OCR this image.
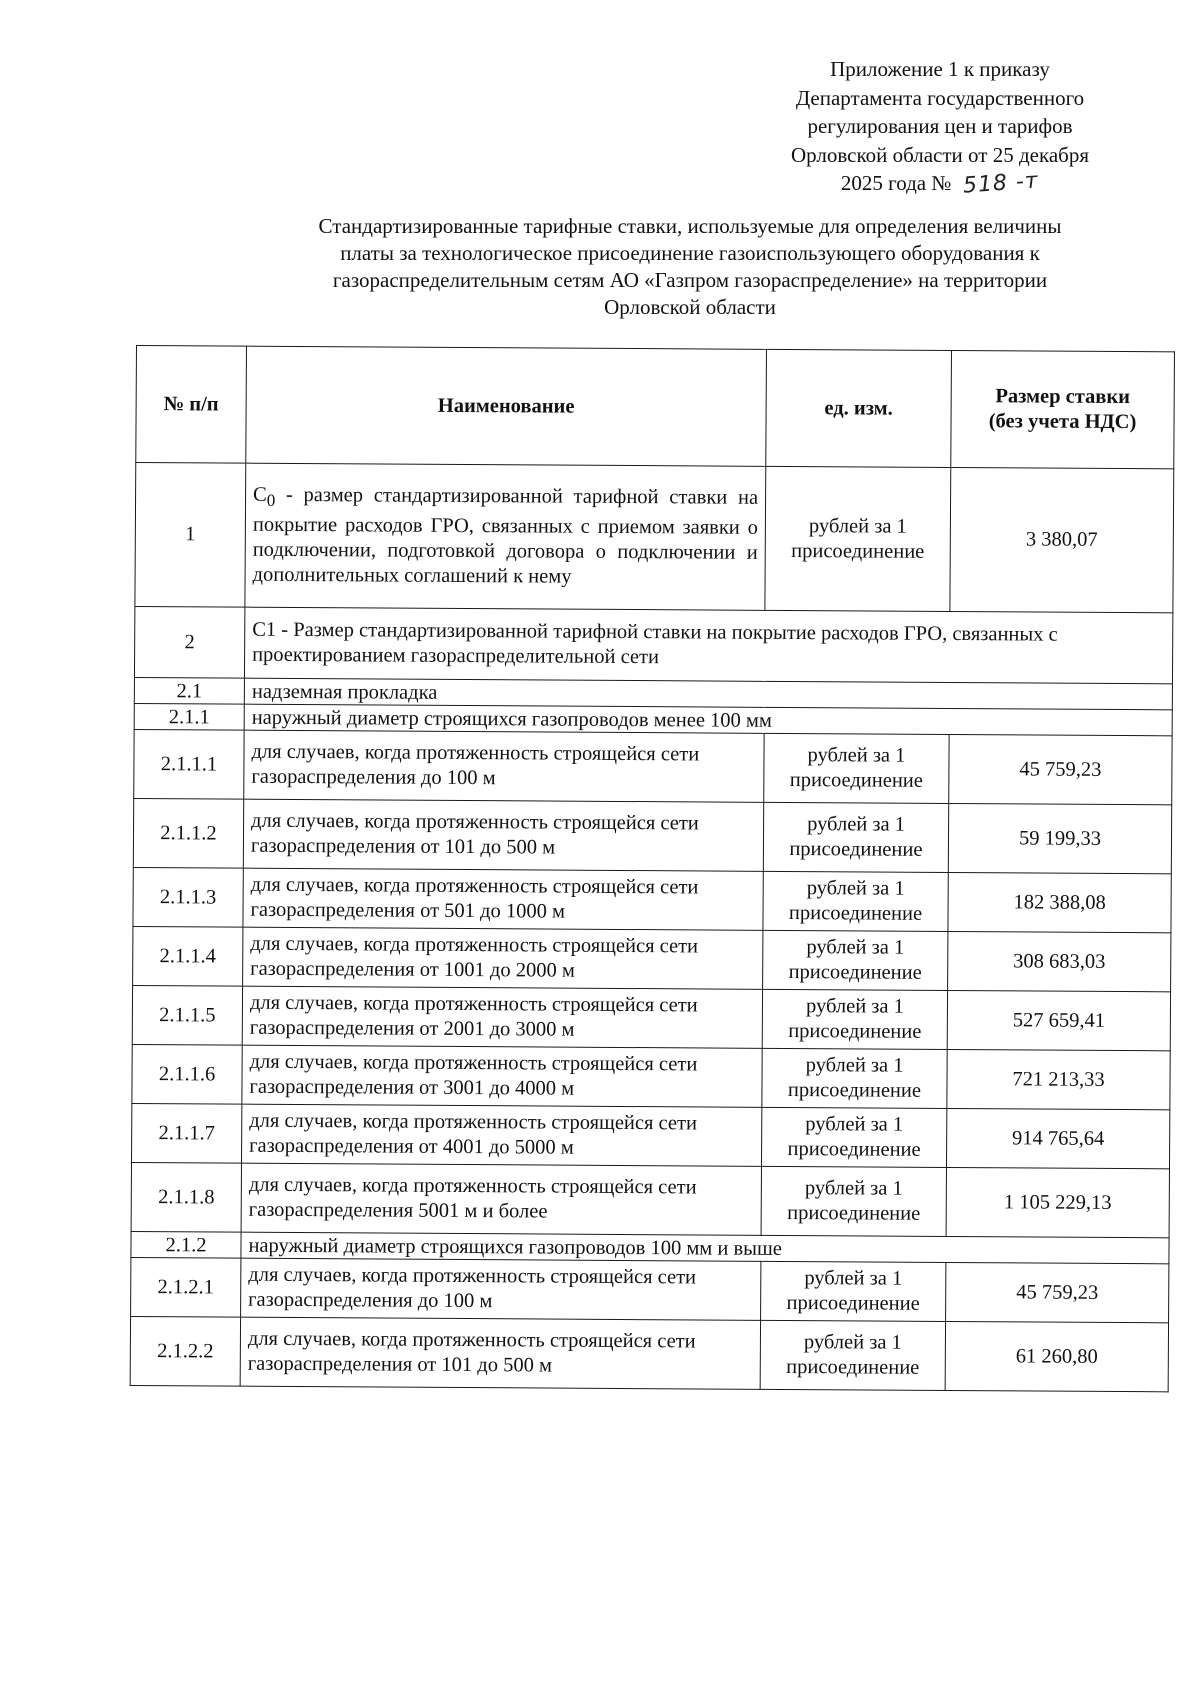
Приложение 1 к приказу
Департамента государственного
регулирования цен и тарифов
Орловской области от 25 декабря
2025 года № 518 -т
Стандартизированные тарифные ставки, используемые для определения величины
платы за технологическое присоединение газоиспользующего оборудования к
газораспределительным сетям АО «Газпром газораспределение» на территории
Орловской области
№ п/п	Наименование	ед. изм.	Размер ставки
(без учета НДС)

1	$С_0$ - размер стандартизированной тарифной ставки на покрытие расходов ГРО, связанных с приемом заявки о подключении, подготовкой договора о подключении и дополнительных соглашений к нему	рублей за 1 присоединение	3 380,07
2	С1 - Размер стандартизированной тарифной ставки на покрытие расходов ГРО, связанных с проектированием газораспределительной сети		
2.1	надземная прокладка		
2.1.1	наружный диаметр строящихся газопроводов менее 100 мм		
2.1.1.1	для случаев, когда протяженность строящейся сети газораспределения до 100 м	рублей за 1 присоединение	45 759,23
2.1.1.2	для случаев, когда протяженность строящейся сети газораспределения от 101 до 500 м	рублей за 1 присоединение	59 199,33
2.1.1.3	для случаев, когда протяженность строящейся сети газораспределения от 501 до 1000 м	рублей за 1 присоединение	182 388,08
2.1.1.4	для случаев, когда протяженность строящейся сети газораспределения от 1001 до 2000 м	рублей за 1 присоединение	308 683,03
2.1.1.5	для случаев, когда протяженность строящейся сети газораспределения от 2001 до 3000 м	рублей за 1 присоединение	527 659,41
2.1.1.6	для случаев, когда протяженность строящейся сети газораспределения от 3001 до 4000 м	рублей за 1 присоединение	721 213,33
2.1.1.7	для случаев, когда протяженность строящейся сети газораспределения от 4001 до 5000 м	рублей за 1 присоединение	914 765,64
2.1.1.8	для случаев, когда протяженность строящейся сети газораспределения 5001 м и более	рублей за 1 присоединение	1 105 229,13
2.1.2	наружный диаметр строящихся газопроводов 100 мм и выше		
2.1.2.1	для случаев, когда протяженность строящейся сети газораспределения до 100 м	рублей за 1 присоединение	45 759,23
2.1.2.2	для случаев, когда протяженность строящейся сети газораспределения от 101 до 500 м	рублей за 1 присоединение	61 260,80
